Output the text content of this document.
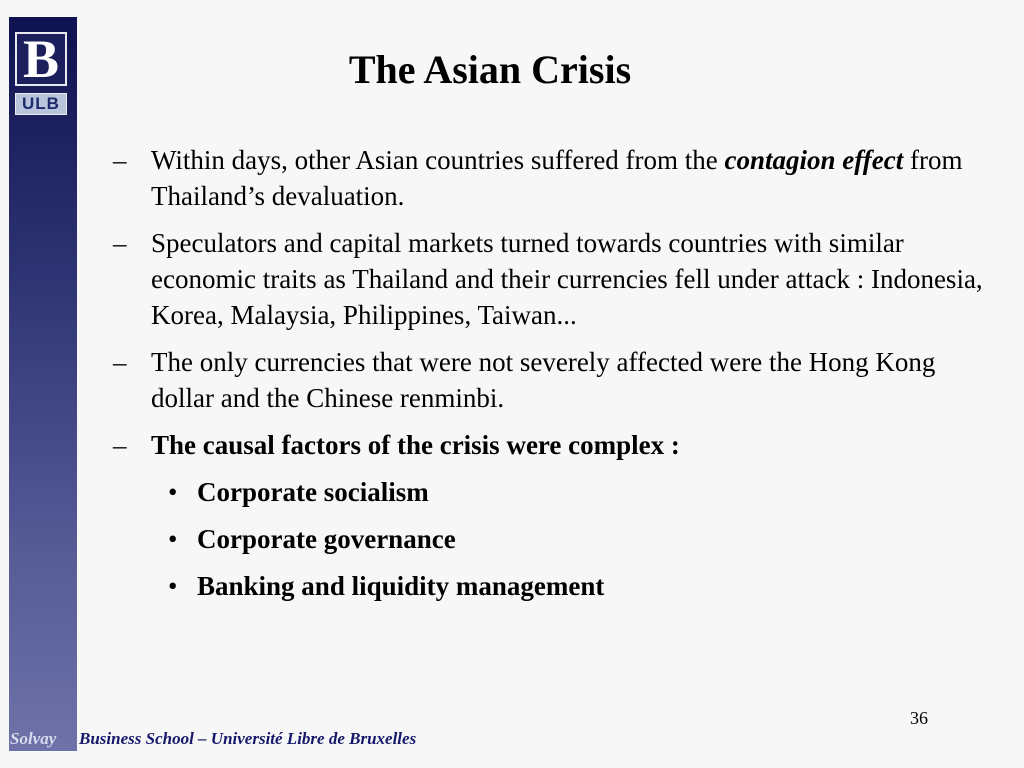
B
ULB
The Asian Crisis
– Within days, other Asian countries suffered from the contagion effect from Thailand’s devaluation.
– Speculators and capital markets turned towards countries with similar economic traits as Thailand and their currencies fell under attack : Indonesia, Korea, Malaysia, Philippines, Taiwan...
– The only currencies that were not severely affected were the Hong Kong dollar and the Chinese renminbi.
– The causal factors of the crisis were complex :
• Corporate socialism
• Corporate governance
• Banking and liquidity management
Solvay Business School – Université Libre de Bruxelles
36
